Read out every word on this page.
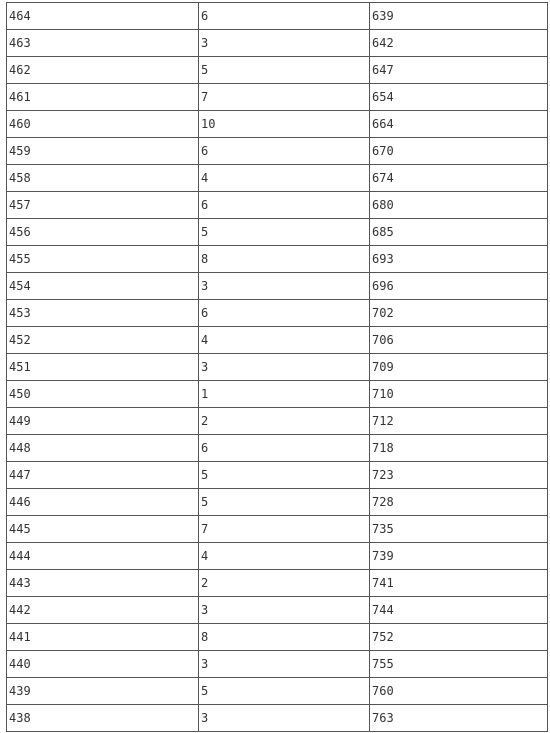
464	6	639
463	3	642
462	5	647
461	7	654
460	10	664
459	6	670
458	4	674
457	6	680
456	5	685
455	8	693
454	3	696
453	6	702
452	4	706
451	3	709
450	1	710
449	2	712
448	6	718
447	5	723
446	5	728
445	7	735
444	4	739
443	2	741
442	3	744
441	8	752
440	3	755
439	5	760
438	3	763
